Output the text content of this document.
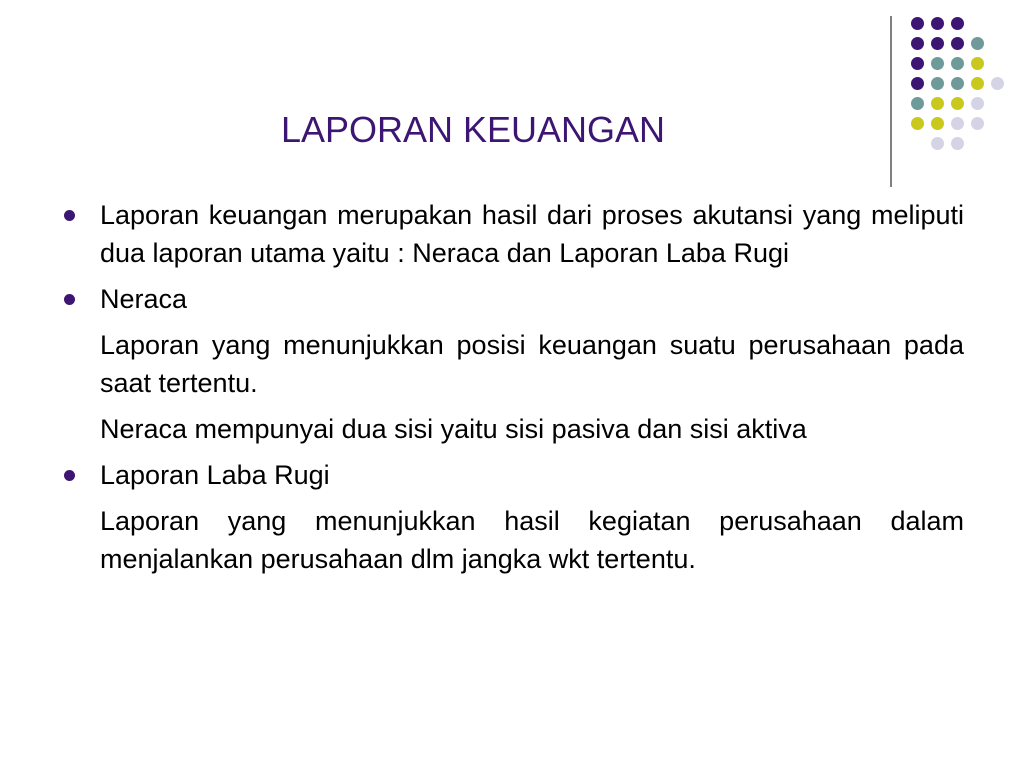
LAPORAN KEUANGAN

Laporan keuangan merupakan hasil dari proses akutansi yang meliputi dua laporan utama yaitu : Neraca dan Laporan Laba Rugi

Neraca

Laporan yang menunjukkan posisi keuangan suatu perusahaan pada saat tertentu.

Neraca mempunyai dua sisi yaitu sisi pasiva dan sisi aktiva

Laporan Laba Rugi

Laporan yang menunjukkan hasil kegiatan perusahaan dalam menjalankan perusahaan dlm jangka wkt tertentu.
